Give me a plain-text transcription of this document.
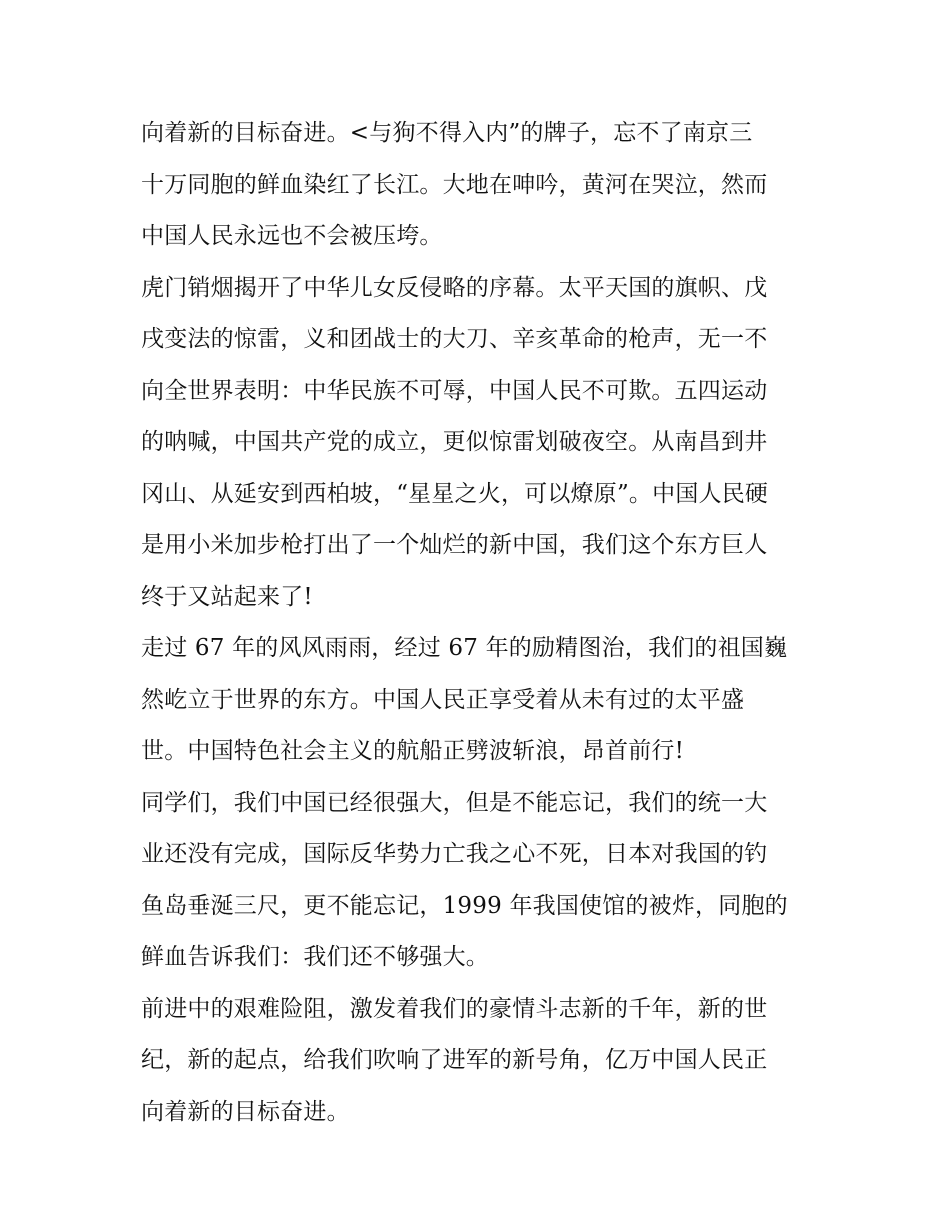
向着新的目标奋进。<与狗不得入内”的牌子，忘不了南京三
十万同胞的鲜血染红了长江。大地在呻吟，黄河在哭泣，然而
中国人民永远也不会被压垮。
虎门销烟揭开了中华儿女反侵略的序幕。太平天国的旗帜、戊
戌变法的惊雷，义和团战士的大刀、辛亥革命的枪声，无一不
向全世界表明：中华民族不可辱，中国人民不可欺。五四运动
的呐喊，中国共产党的成立，更似惊雷划破夜空。从南昌到井
冈山、从延安到西柏坡，“星星之火，可以燎原”。中国人民硬
是用小米加步枪打出了一个灿烂的新中国，我们这个东方巨人
终于又站起来了!
走过 67 年的风风雨雨，经过 67 年的励精图治，我们的祖国巍
然屹立于世界的东方。中国人民正享受着从未有过的太平盛
世。中国特色社会主义的航船正劈波斩浪，昂首前行!
同学们，我们中国已经很强大，但是不能忘记，我们的统一大
业还没有完成，国际反华势力亡我之心不死，日本对我国的钓
鱼岛垂涎三尺，更不能忘记，1999 年我国使馆的被炸，同胞的
鲜血告诉我们：我们还不够强大。
前进中的艰难险阻，激发着我们的豪情斗志新的千年，新的世
纪，新的起点，给我们吹响了进军的新号角，亿万中国人民正
向着新的目标奋进。
